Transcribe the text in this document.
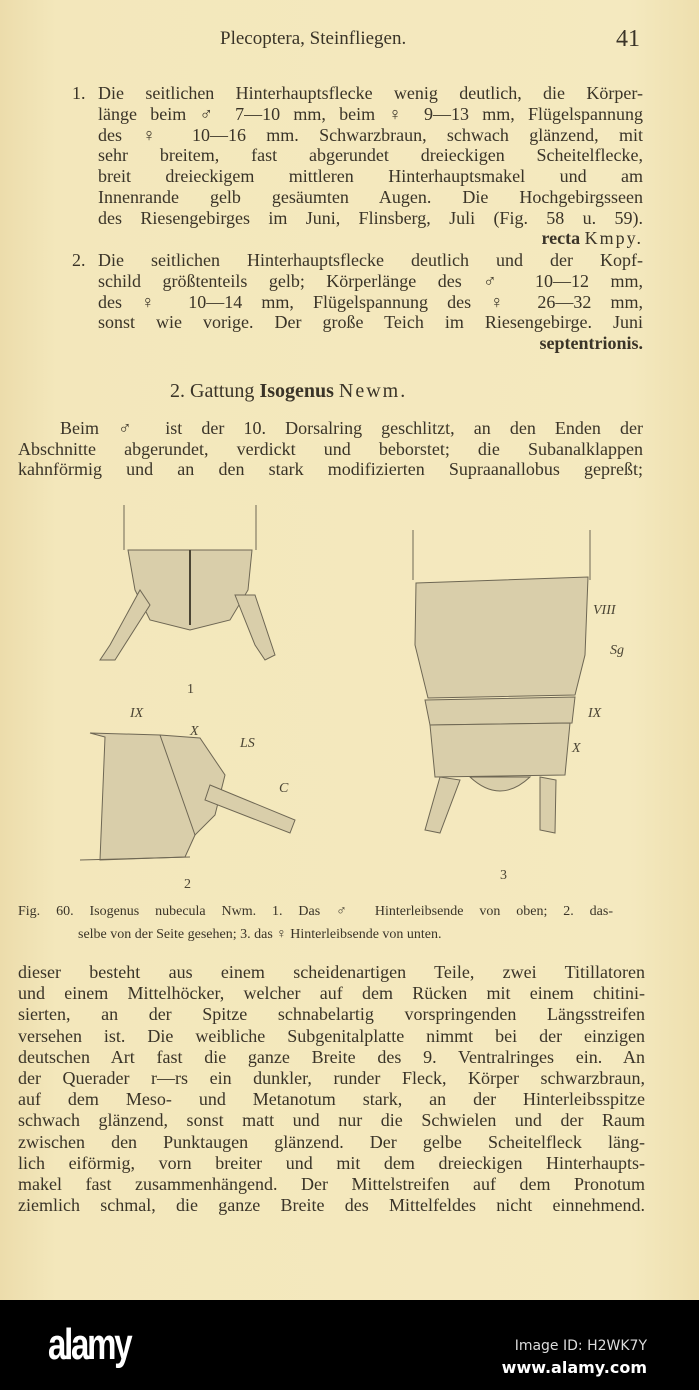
Plecoptera, Steinfliegen.	41
1. Die seitlichen Hinterhauptsflecke wenig deutlich, die Körper-
länge beim ♂ 7—10 mm, beim ♀ 9—13 mm, Flügelspannung
des ♀ 10—16 mm. Schwarzbraun, schwach glänzend, mit
sehr breitem, fast abgerundet dreieckigen Scheitelflecke,
breit dreieckigem mittleren Hinterhauptsmakel und am
Innenrande gelb gesäumten Augen. Die Hochgebirgsseen
des Riesengebirges im Juni, Flinsberg, Juli (Fig. 58 u. 59).
recta Kmpy.
2. Die seitlichen Hinterhauptsflecke deutlich und der Kopf-
schild größtenteils gelb; Körperlänge des ♂ 10—12 mm,
des ♀ 10—14 mm, Flügelspannung des ♀ 26—32 mm,
sonst wie vorige. Der große Teich im Riesengebirge. Juni
septentrionis.
2. Gattung Isogenus Newm.
Beim ♂ ist der 10. Dorsalring geschlitzt, an den Enden der
Abschnitte abgerundet, verdickt und beborstet; die Subanalklappen
kahnförmig und an den stark modifizierten Supraanallobus gepreßt;
1
2
3
IX
X
LS
C
VIII
Sg
IX
X
Fig. 60. Isogenus nubecula Nwm. 1. Das ♂ Hinterleibsende von oben; 2. das-
selbe von der Seite gesehen; 3. das ♀ Hinterleibsende von unten.
dieser besteht aus einem scheidenartigen Teile, zwei Titillatoren
und einem Mittelhöcker, welcher auf dem Rücken mit einem chitini-
sierten, an der Spitze schnabelartig vorspringenden Längsstreifen
versehen ist. Die weibliche Subgenitalplatte nimmt bei der einzigen
deutschen Art fast die ganze Breite des 9. Ventralringes ein. An
der Querader r—rs ein dunkler, runder Fleck, Körper schwarzbraun,
auf dem Meso- und Metanotum stark, an der Hinterleibsspitze
schwach glänzend, sonst matt und nur die Schwielen und der Raum
zwischen den Punktaugen glänzend. Der gelbe Scheitelfleck läng-
lich eiförmig, vorn breiter und mit dem dreieckigen Hinterhaupts-
makel fast zusammenhängend. Der Mittelstreifen auf dem Pronotum
ziemlich schmal, die ganze Breite des Mittelfeldes nicht einnehmend.
alamy	Image ID: H2WK7Y
www.alamy.com
